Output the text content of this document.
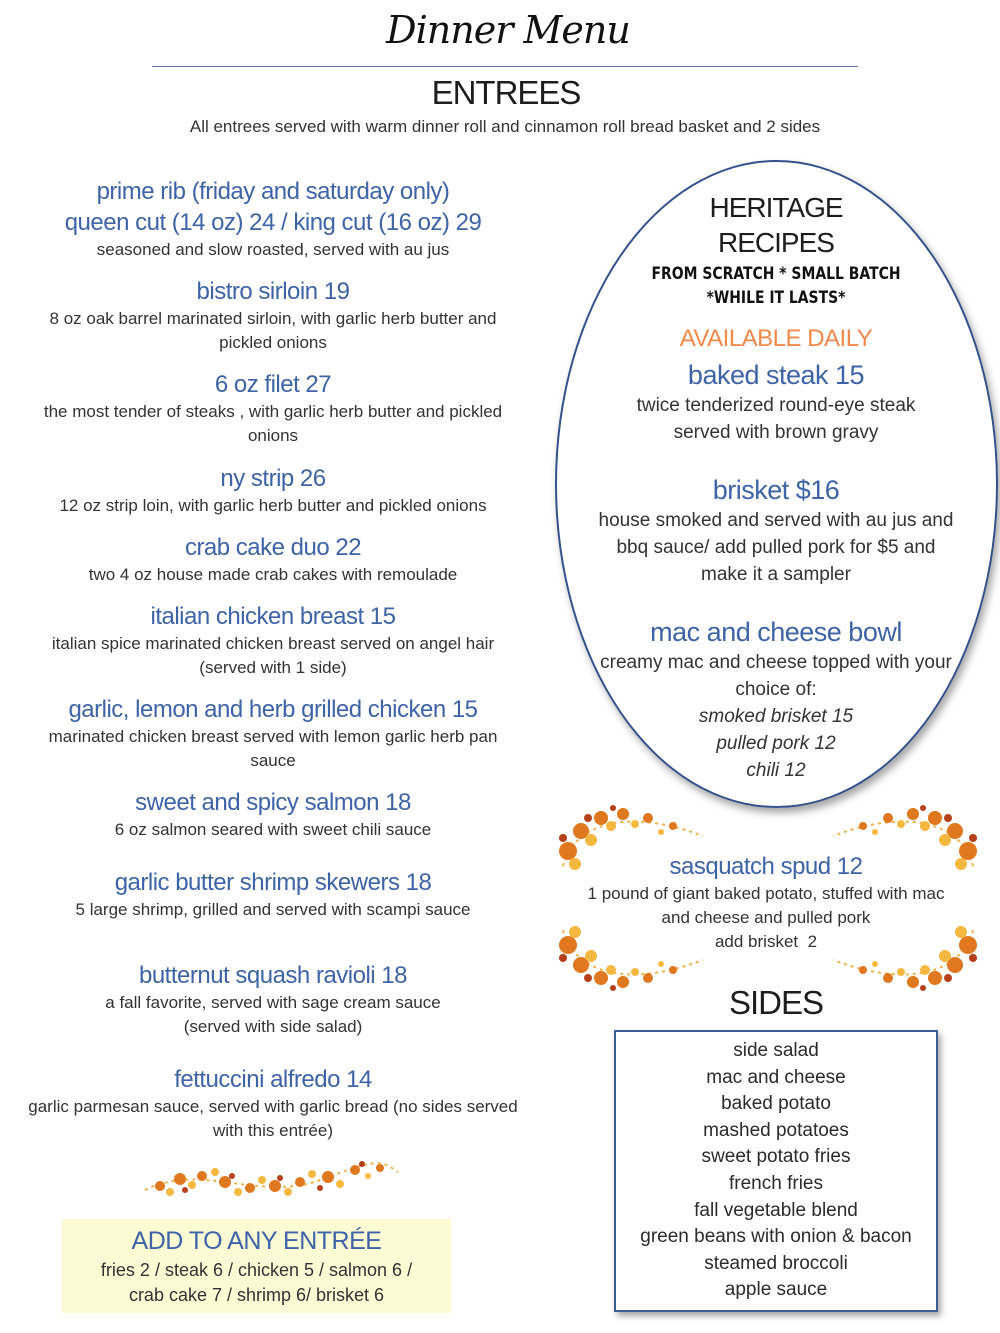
Dinner Menu
ENTREES
All entrees served with warm dinner roll and cinnamon roll bread basket and 2 sides
prime rib (friday and saturday only)
queen cut (14 oz) 24 / king cut (16 oz) 29
seasoned and slow roasted, served with au jus
bistro sirloin 19
8 oz oak barrel marinated sirloin, with garlic herb butter and
pickled onions
6 oz filet 27
the most tender of steaks , with garlic herb butter and pickled
onions
ny strip 26
12 oz strip loin, with garlic herb butter and pickled onions
crab cake duo 22
two 4 oz house made crab cakes with remoulade
italian chicken breast 15
italian spice marinated chicken breast served on angel hair
(served with 1 side)
garlic, lemon and herb grilled chicken 15
marinated chicken breast served with lemon garlic herb pan
sauce
sweet and spicy salmon 18
6 oz salmon seared with sweet chili sauce
garlic butter shrimp skewers 18
5 large shrimp, grilled and served with scampi sauce
butternut squash ravioli 18
a fall favorite, served with sage cream sauce
(served with side salad)
fettuccini alfredo 14
garlic parmesan sauce, served with garlic bread (no sides served
with this entrée)
ADD TO ANY ENTRÉE
fries 2 / steak 6 / chicken 5 / salmon 6 /
crab cake 7 / shrimp 6/ brisket 6
HERITAGE
RECIPES
FROM SCRATCH * SMALL BATCH
*WHILE IT LASTS*
AVAILABLE DAILY
baked steak 15
twice tenderized round-eye steak
served with brown gravy
brisket $16
house smoked and served with au jus and
bbq sauce/ add pulled pork for $5 and
make it a sampler
mac and cheese bowl
creamy mac and cheese topped with your
choice of:
smoked brisket 15
pulled pork 12
chili 12
sasquatch spud 12
1 pound of giant baked potato, stuffed with mac
and cheese and pulled pork
add brisket  2
SIDES
side salad
mac and cheese
baked potato
mashed potatoes
sweet potato fries
french fries
fall vegetable blend
green beans with onion & bacon
steamed broccoli
apple sauce
